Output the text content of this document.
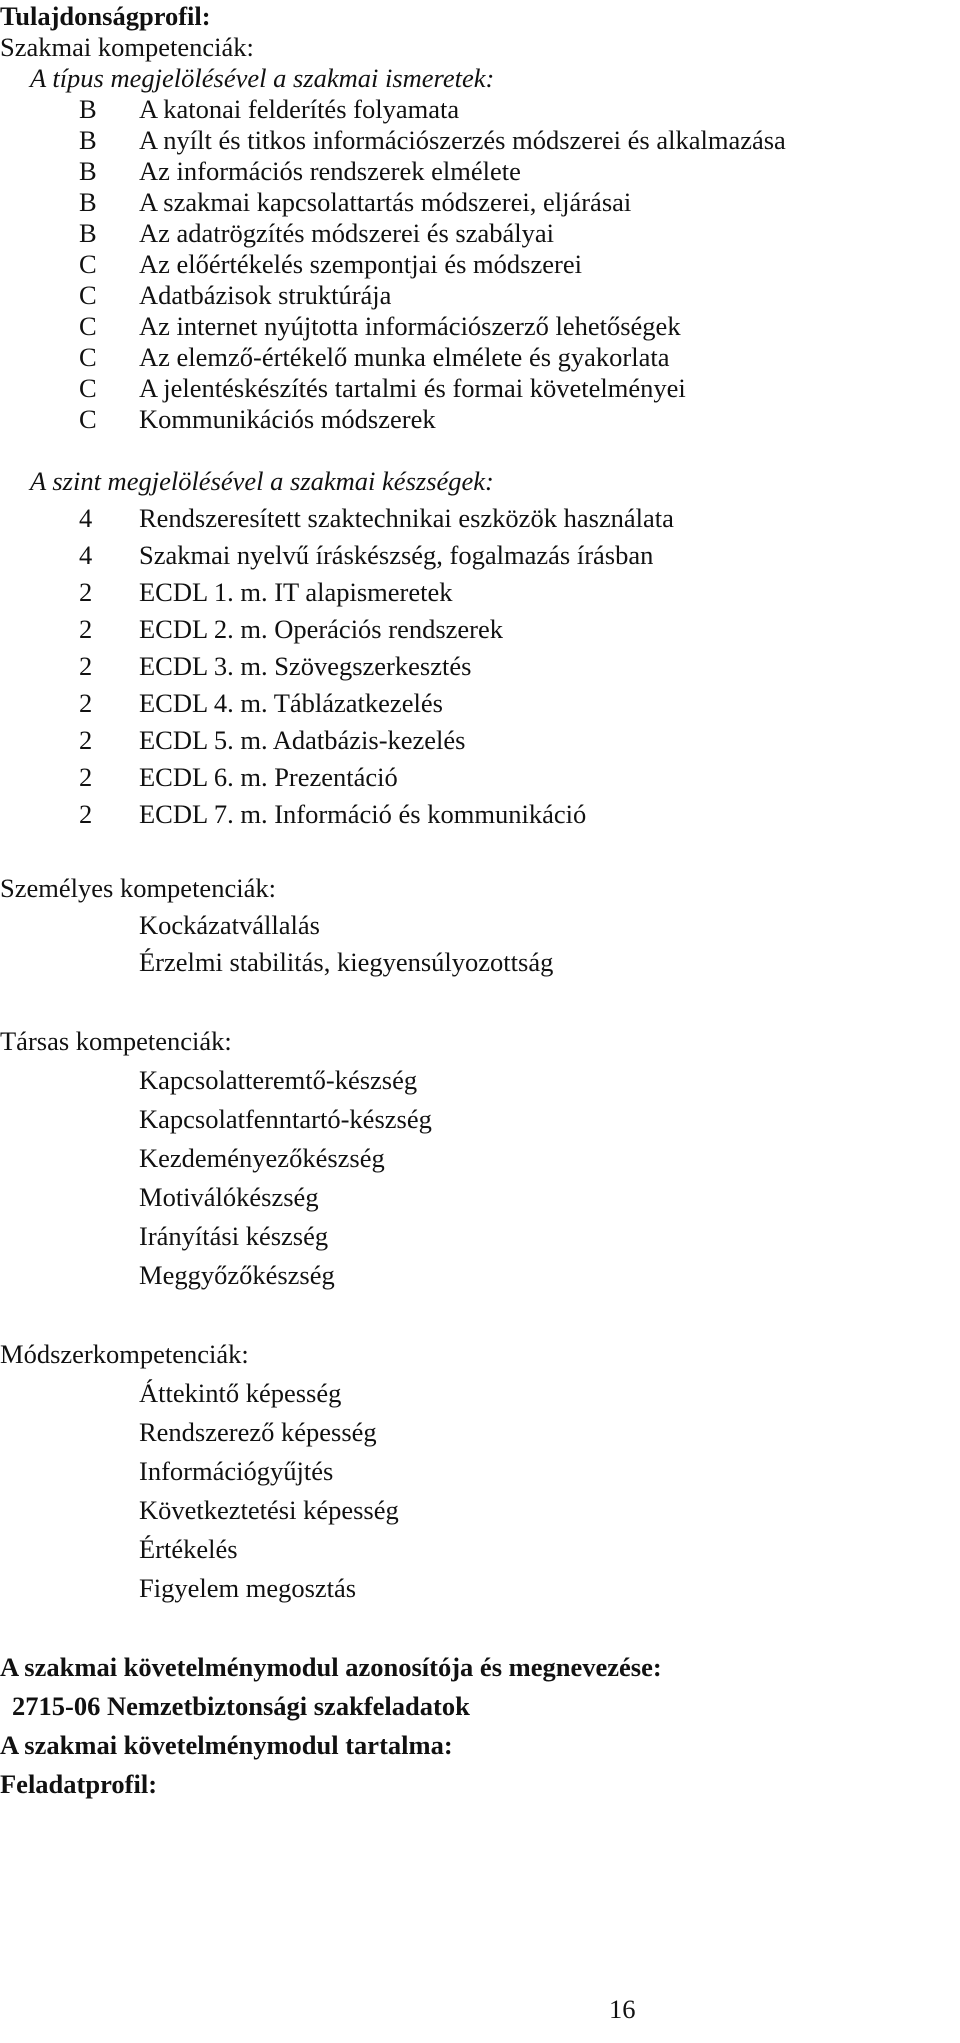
Tulajdonságprofil:
Szakmai kompetenciák:
A típus megjelölésével a szakmai ismeretek:
B A katonai felderítés folyamata
B A nyílt és titkos információszerzés módszerei és alkalmazása
B Az információs rendszerek elmélete
B A szakmai kapcsolattartás módszerei, eljárásai
B Az adatrögzítés módszerei és szabályai
C Az előértékelés szempontjai és módszerei
C Adatbázisok struktúrája
C Az internet nyújtotta információszerző lehetőségek
C Az elemző-értékelő munka elmélete és gyakorlata
C A jelentéskészítés tartalmi és formai követelményei
C Kommunikációs módszerek
A szint megjelölésével a szakmai készségek:
4 Rendszeresített szaktechnikai eszközök használata
4 Szakmai nyelvű íráskészség, fogalmazás írásban
2 ECDL 1. m. IT alapismeretek
2 ECDL 2. m. Operációs rendszerek
2 ECDL 3. m. Szövegszerkesztés
2 ECDL 4. m. Táblázatkezelés
2 ECDL 5. m. Adatbázis-kezelés
2 ECDL 6. m. Prezentáció
2 ECDL 7. m. Információ és kommunikáció
Személyes kompetenciák:
Kockázatvállalás
Érzelmi stabilitás, kiegyensúlyozottság
Társas kompetenciák:
Kapcsolatteremtő-készség
Kapcsolatfenntartó-készség
Kezdeményezőkészség
Motiválókészség
Irányítási készség
Meggyőzőkészség
Módszerkompetenciák:
Áttekintő képesség
Rendszerező képesség
Információgyűjtés
Következtetési képesség
Értékelés
Figyelem megosztás
A szakmai követelménymodul azonosítója és megnevezése:
2715-06 Nemzetbiztonsági szakfeladatok
A szakmai követelménymodul tartalma:
Feladatprofil:
16
